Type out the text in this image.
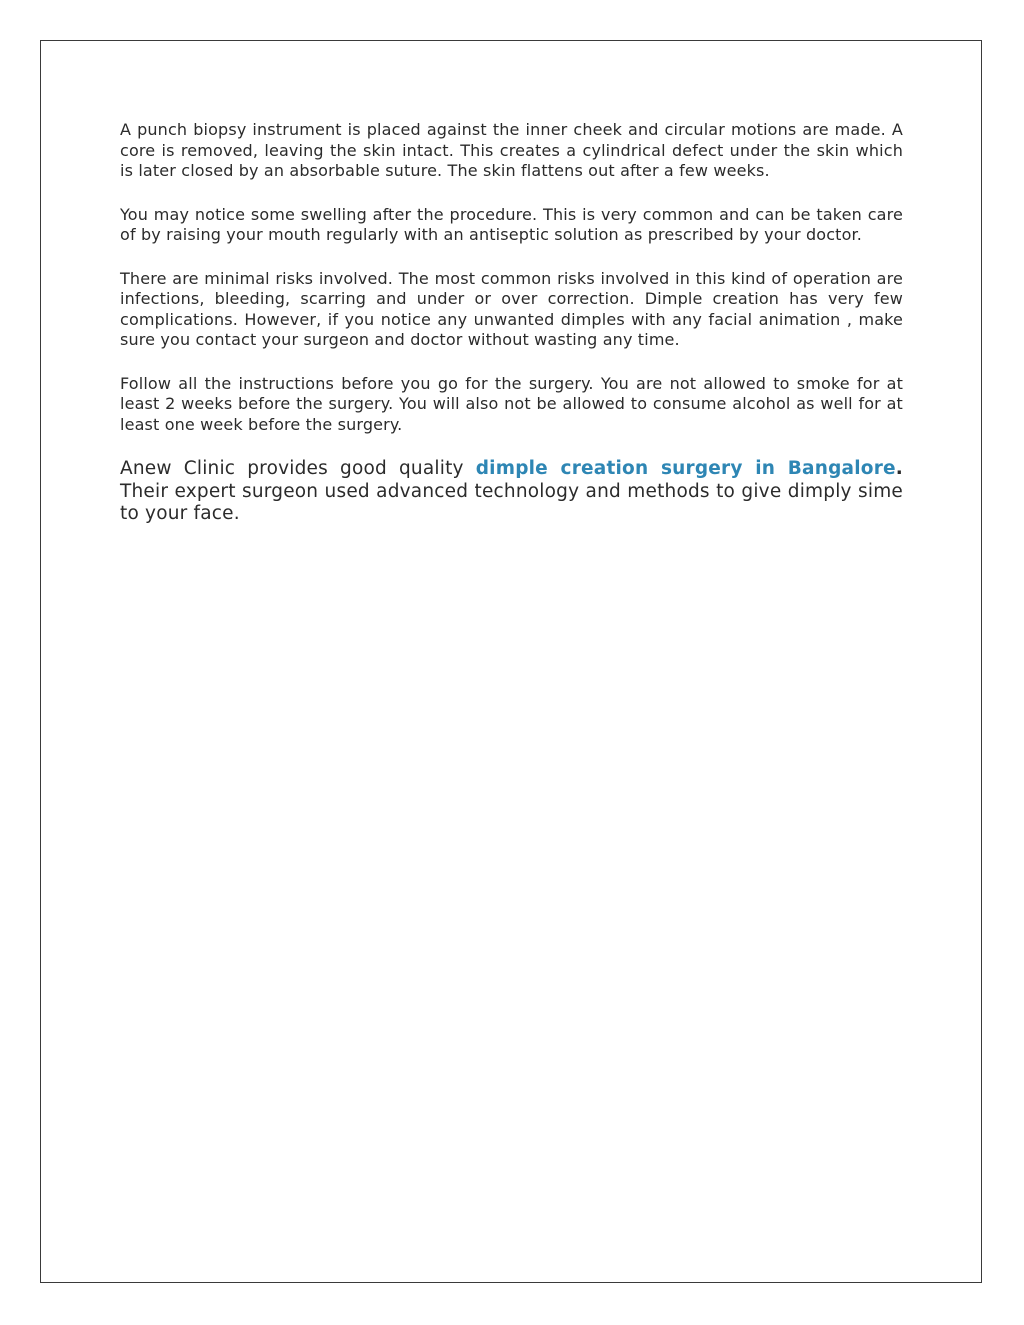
A punch biopsy instrument is placed against the inner cheek and circular motions are made. A core is removed, leaving the skin intact. This creates a cylindrical defect under the skin which is later closed by an absorbable suture. The skin flattens out after a few weeks.

You may notice some swelling after the procedure. This is very common and can be taken care of by raising your mouth regularly with an antiseptic solution as prescribed by your doctor.

There are minimal risks involved. The most common risks involved in this kind of operation are infections, bleeding, scarring and under or over correction. Dimple creation has very few complications. However, if you notice any unwanted dimples with any facial animation , make sure you contact your surgeon and doctor without wasting any time.

Follow all the instructions before you go for the surgery. You are not allowed to smoke for at least 2 weeks before the surgery. You will also not be allowed to consume alcohol as well for at least one week before the surgery.

Anew Clinic provides good quality dimple creation surgery in Bangalore. Their expert surgeon used advanced technology and methods to give dimply sime to your face.
